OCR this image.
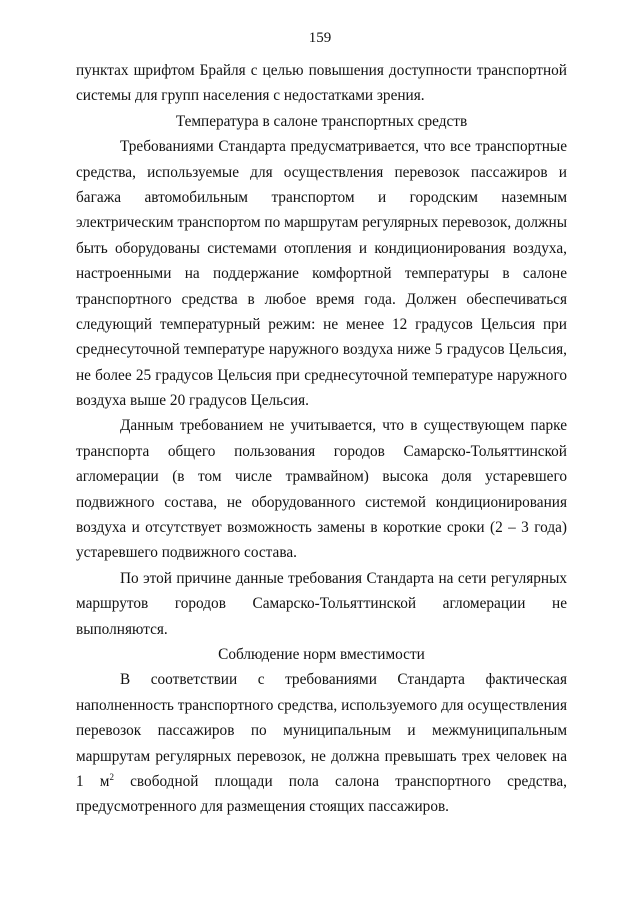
159
пунктах шрифтом Брайля с целью повышения доступности транспортной
системы для групп населения с недостатками зрения.
Температура в салоне транспортных средств
Требованиями Стандарта предусматривается, что все транспортные
средства, используемые для осуществления перевозок пассажиров и
багажа автомобильным транспортом и городским наземным
электрическим транспортом по маршрутам регулярных перевозок, должны
быть оборудованы системами отопления и кондиционирования воздуха,
настроенными на поддержание комфортной температуры в салоне
транспортного средства в любое время года. Должен обеспечиваться
следующий температурный режим: не менее 12 градусов Цельсия при
среднесуточной температуре наружного воздуха ниже 5 градусов Цельсия,
не более 25 градусов Цельсия при среднесуточной температуре наружного
воздуха выше 20 градусов Цельсия.
Данным требованием не учитывается, что в существующем парке
транспорта общего пользования городов Самарско-Тольяттинской
агломерации (в том числе трамвайном) высока доля устаревшего
подвижного состава, не оборудованного системой кондиционирования
воздуха и отсутствует возможность замены в короткие сроки (2 – 3 года)
устаревшего подвижного состава.
По этой причине данные требования Стандарта на сети регулярных
маршрутов городов Самарско-Тольяттинской агломерации не
выполняются.
Соблюдение норм вместимости
В соответствии с требованиями Стандарта фактическая
наполненность транспортного средства, используемого для осуществления
перевозок пассажиров по муниципальным и межмуниципальным
маршрутам регулярных перевозок, не должна превышать трех человек на
1 $м^2$ свободной площади пола салона транспортного средства,
предусмотренного для размещения стоящих пассажиров.
